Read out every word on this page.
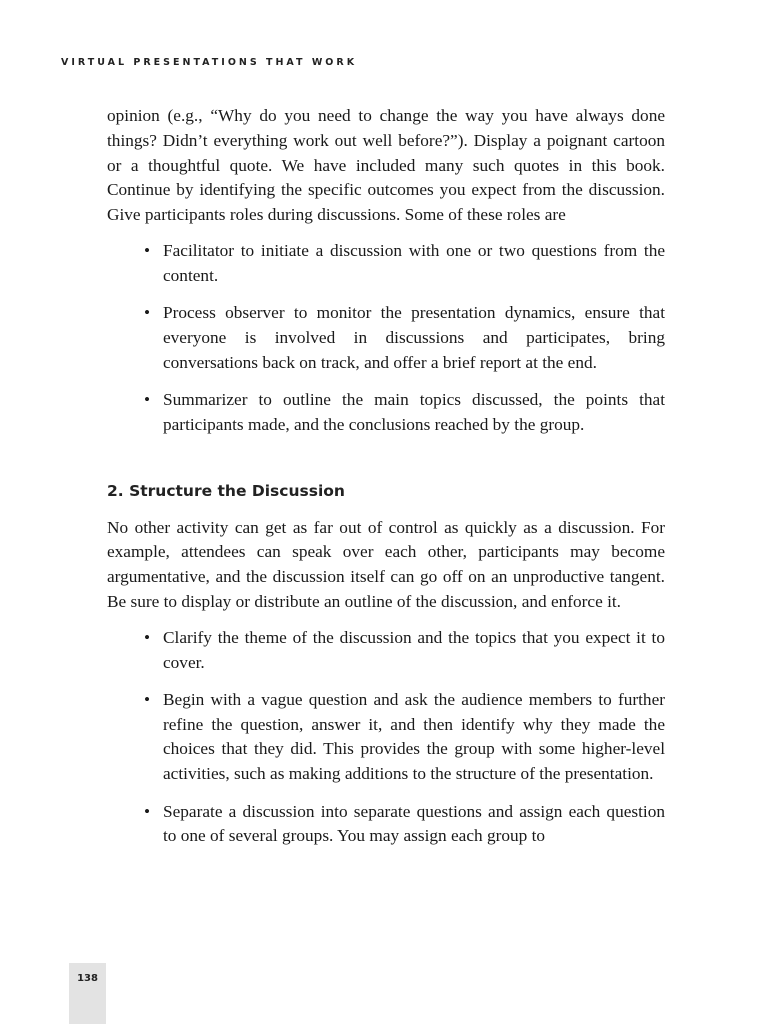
VIRTUAL PRESENTATIONS THAT WORK

opinion (e.g., “Why do you need to change the way you have always done things? Didn’t everything work out well before?”). Display a poignant cartoon or a thoughtful quote. We have included many such quotes in this book. Continue by identifying the specific outcomes you expect from the discussion. Give participants roles during discussions. Some of these roles are

• Facilitator to initiate a discussion with one or two questions from the content.
• Process observer to monitor the presentation dynamics, ensure that everyone is involved in discussions and participates, bring conversations back on track, and offer a brief report at the end.
• Summarizer to outline the main topics discussed, the points that participants made, and the conclusions reached by the group.
2. Structure the Discussion

No other activity can get as far out of control as quickly as a discussion. For example, attendees can speak over each other, participants may become argumentative, and the discussion itself can go off on an unproductive tangent. Be sure to display or distribute an outline of the discussion, and enforce it.

• Clarify the theme of the discussion and the topics that you expect it to cover.
• Begin with a vague question and ask the audience members to further refine the question, answer it, and then identify why they made the choices that they did. This provides the group with some higher-level activities, such as making additions to the structure of the presentation.
• Separate a discussion into separate questions and assign each question to one of several groups. You may assign each group to
138
